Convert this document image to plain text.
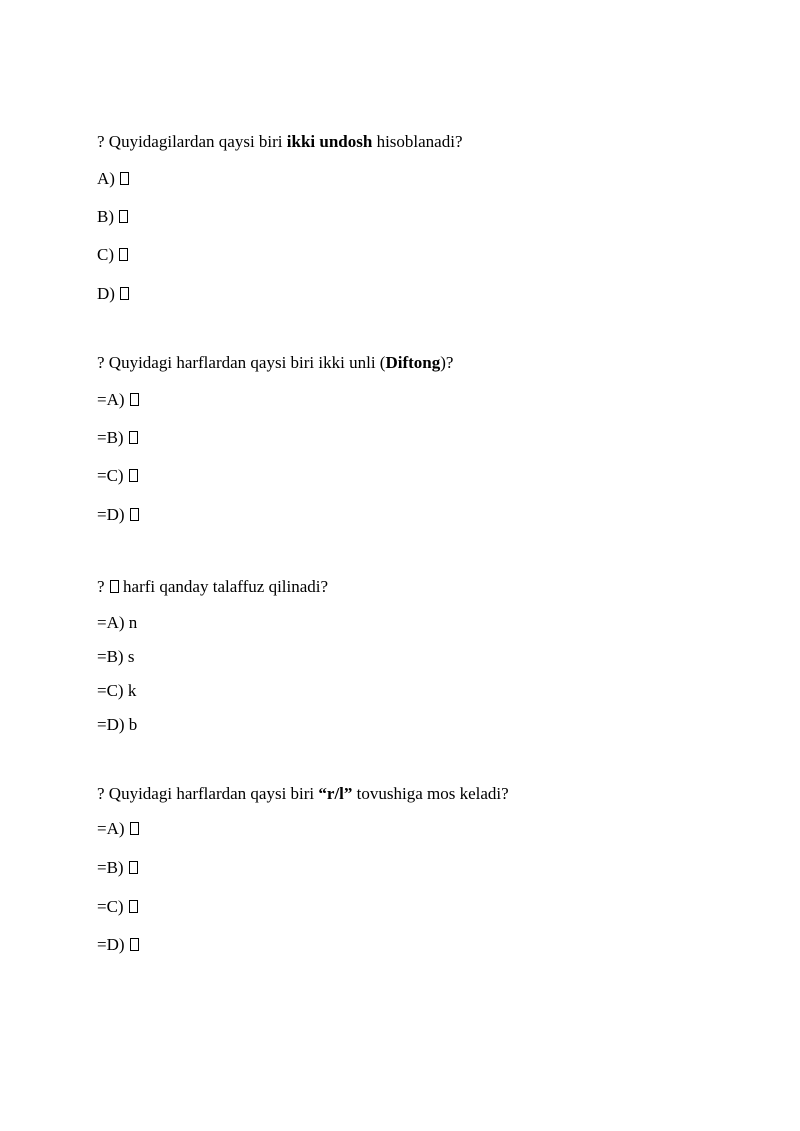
? Quyidagilardan qaysi biri ikki undosh hisoblanadi?
A)
B)
C)
D)
? Quyidagi harflardan qaysi biri ikki unli (Diftong)?
=A)
=B)
=C)
=D)
?  harfi qanday talaffuz qilinadi?
=A) n
=B) s
=C) k
=D) b
? Quyidagi harflardan qaysi biri “r/l” tovushiga mos keladi?
=A)
=B)
=C)
=D)
